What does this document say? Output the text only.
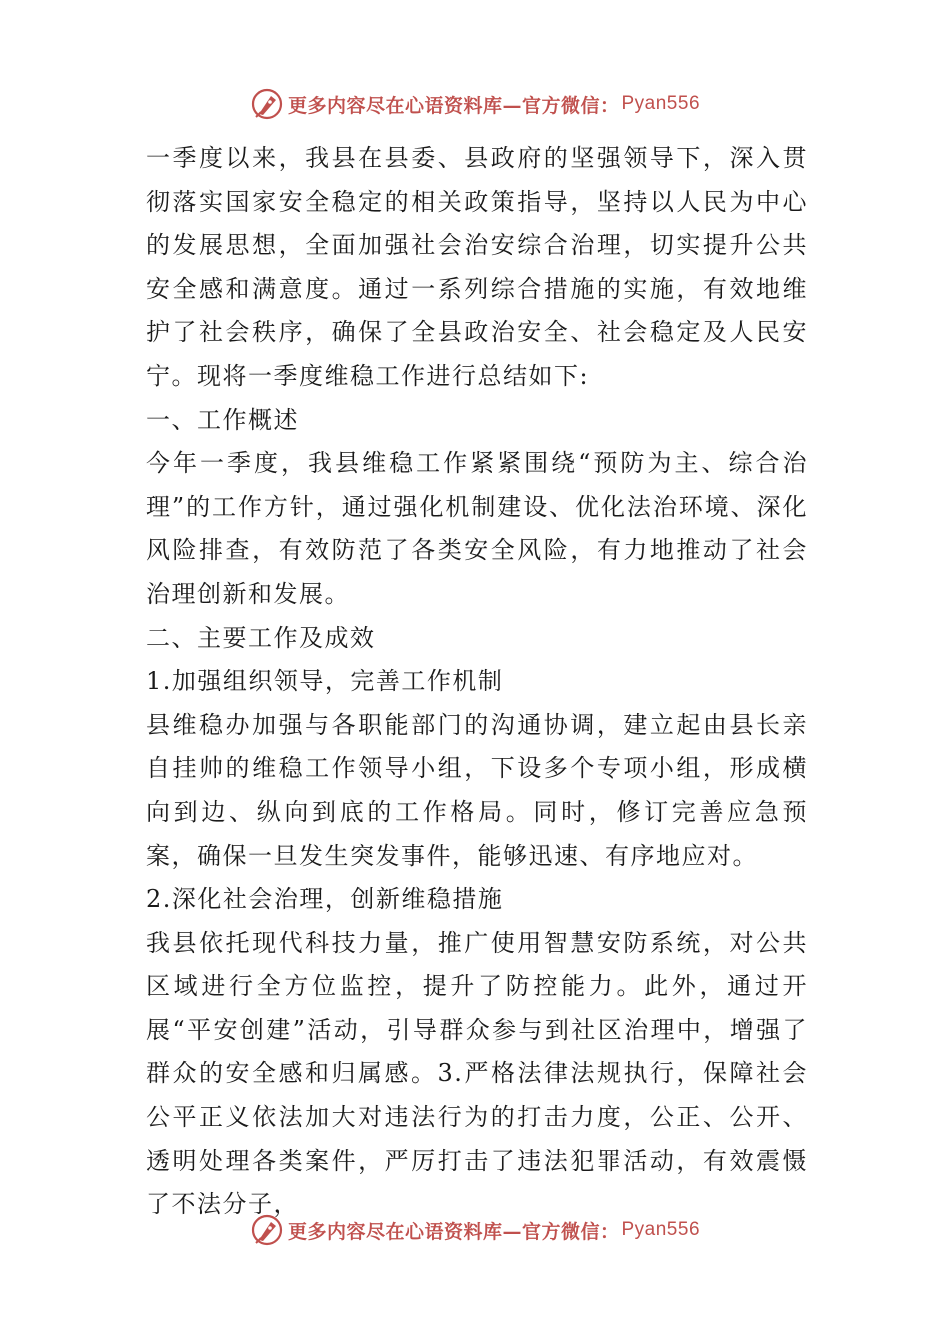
更多内容尽在心语资料库—官方微信： Pyan556

一季度以来，我县在县委、县政府的坚强领导下，深入贯彻落实国家安全稳定的相关政策指导，坚持以人民为中心的发展思想，全面加强社会治安综合治理，切实提升公共安全感和满意度。通过一系列综合措施的实施，有效地维护了社会秩序，确保了全县政治安全、社会稳定及人民安宁。现将一季度维稳工作进行总结如下:

一、工作概述

今年一季度，我县维稳工作紧紧围绕“预防为主、综合治理”的工作方针，通过强化机制建设、优化法治环境、深化风险排查，有效防范了各类安全风险，有力地推动了社会治理创新和发展。

二、主要工作及成效

1.加强组织领导，完善工作机制

县维稳办加强与各职能部门的沟通协调，建立起由县长亲自挂帅的维稳工作领导小组，下设多个专项小组，形成横向到边、纵向到底的工作格局。同时，修订完善应急预案，确保一旦发生突发事件，能够迅速、有序地应对。

2.深化社会治理，创新维稳措施

我县依托现代科技力量，推广使用智慧安防系统，对公共区域进行全方位监控，提升了防控能力。此外，通过开展“平安创建”活动，引导群众参与到社区治理中，增强了群众的安全感和归属感。3.严格法律法规执行，保障社会公平正义依法加大对违法行为的打击力度，公正、公开、透明处理各类案件，严厉打击了违法犯罪活动，有效震慑了不法分子，

更多内容尽在心语资料库—官方微信： Pyan556
